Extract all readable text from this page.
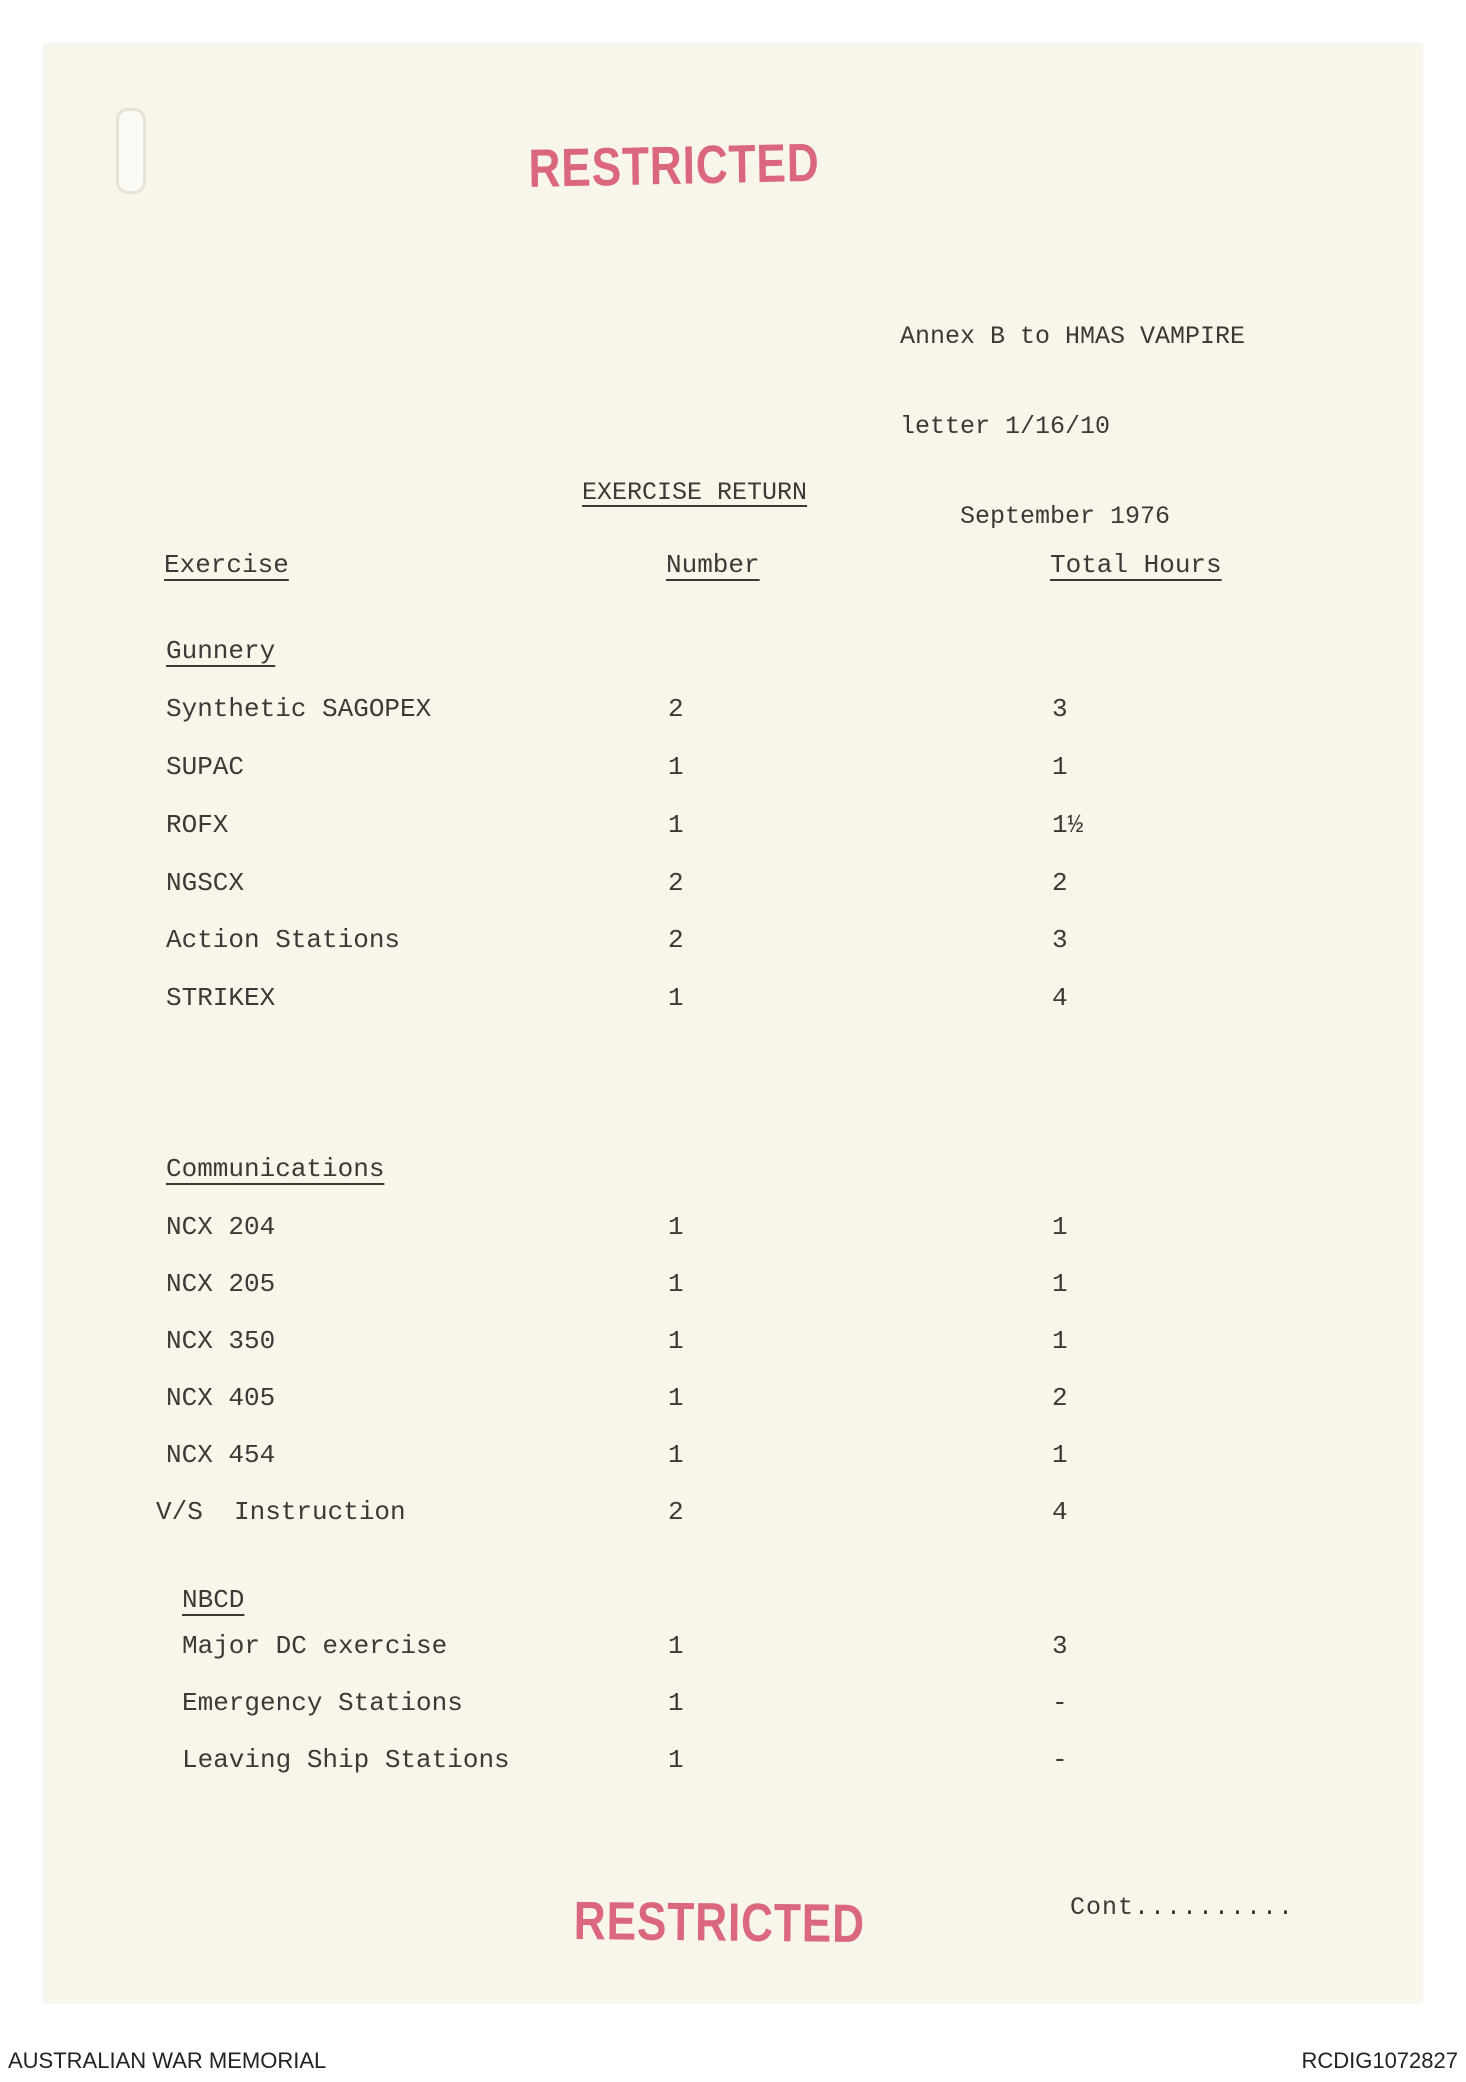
RESTRICTED

Annex B to HMAS VAMPIRE

letter 1/16/10

September 1976

EXERCISE RETURN
Exercise	Number	Total Hours
Gunnery
Synthetic SAGOPEX	2	3
SUPAC	1	1
ROFX	1	1½
NGSCX	2	2
Action Stations	2	3
STRIKEX	1	4
Communications
NCX 204	1	1
NCX 205	1	1
NCX 350	1	1
NCX 405	1	2
NCX 454	1	1
V/S  Instruction	2	4
NBCD
Major DC exercise	1	3
Emergency Stations	1	-
Leaving Ship Stations	1	-
RESTRICTED	Cont..........
AUSTRALIAN WAR MEMORIAL	RCDIG1072827
